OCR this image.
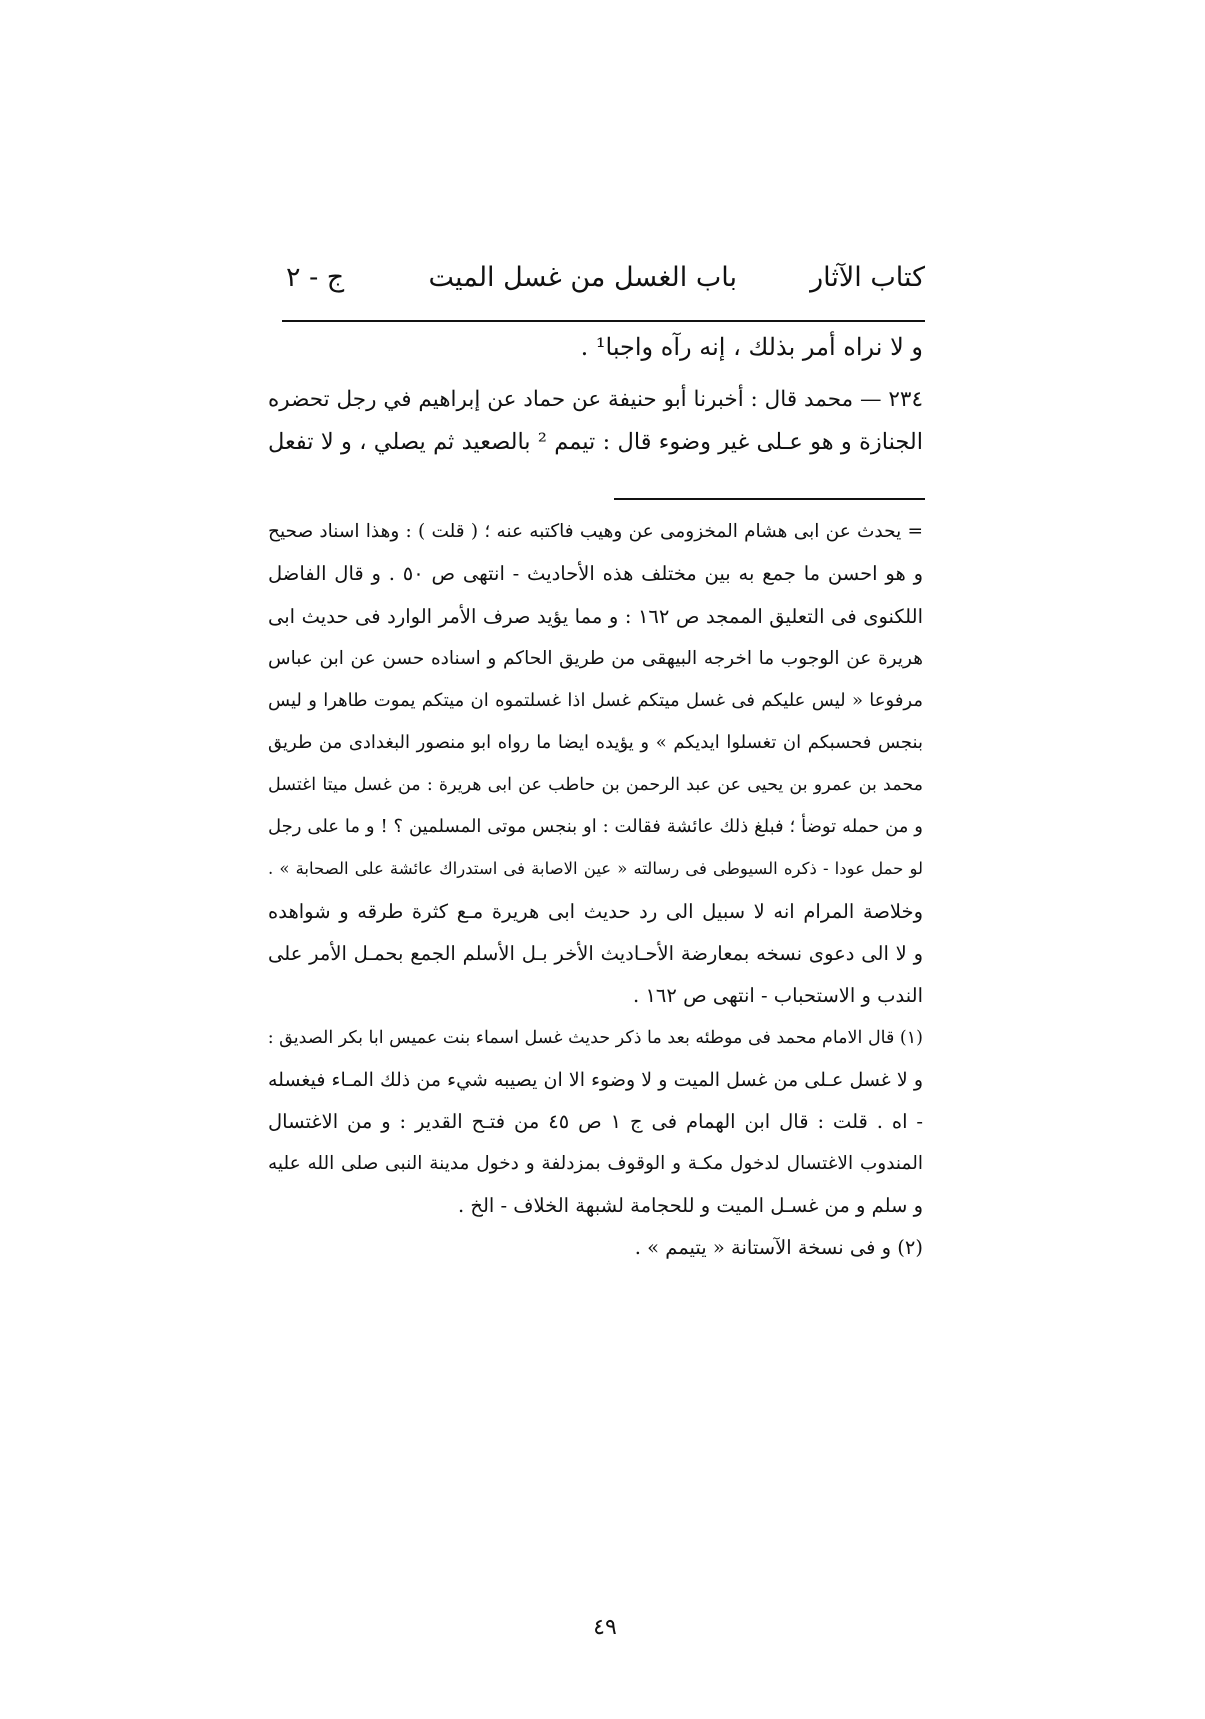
كتاب الآثار
باب الغسل من غسل الميت
ج - ٢
و لا نراه أمر بذلك ، إنه رآه واجبا¹ .
٢٣٤ — محمد قال : أخبرنا أبو حنيفة عن حماد عن إبراهيم في رجل تحضره
الجنازة و هو عـلى غير وضوء قال : تيمم ² بالصعيد ثم يصلي ، و لا تفعل
= يحدث عن ابى هشام المخزومى عن وهيب فاكتبه عنه ؛ ( قلت ) : وهذا اسناد صحيح
و هو احسن ما جمع به بين مختلف هذه الأحاديث - انتهى ص ٥٠ . و قال الفاضل
اللكنوى فى التعليق الممجد ص ١٦٢ : و مما يؤيد صرف الأمر الوارد فى حديث ابى
هريرة عن الوجوب ما اخرجه البيهقى من طريق الحاكم و اسناده حسن عن ابن عباس
مرفوعا « ليس عليكم فى غسل ميتكم غسل اذا غسلتموه ان ميتكم يموت طاهرا و ليس
بنجس فحسبكم ان تغسلوا ايديكم » و يؤيده ايضا ما رواه ابو منصور البغدادى من طريق
محمد بن عمرو بن يحيى عن عبد الرحمن بن حاطب عن ابى هريرة : من غسل ميتا اغتسل
و من حمله توضأ ؛ فبلغ ذلك عائشة فقالت : او بنجس موتى المسلمين ؟ ! و ما على رجل
لو حمل عودا - ذكره السيوطى فى رسالته « عين الاصابة فى استدراك عائشة على الصحابة » .
وخلاصة المرام انه لا سبيل الى رد حديث ابى هريرة مـع كثرة طرقه و شواهده
و لا الى دعوى نسخه بمعارضة الأحـاديث الأخر بـل الأسلم الجمع بحمـل الأمر على
الندب و الاستحباب - انتهى ص ١٦٢ .
(١) قال الامام محمد فى موطئه بعد ما ذكر حديث غسل اسماء بنت عميس ابا بكر الصديق :
و لا غسل عـلى من غسل الميت و لا وضوء الا ان يصيبه شيء من ذلك المـاء فيغسله
- اه . قلت : قال ابن الهمام فى ج ١ ص ٤٥ من فتـح القدير : و من الاغتسال
المندوب الاغتسال لدخول مكـة و الوقوف بمزدلفة و دخول مدينة النبى صلى الله عليه
و سلم و من غسـل الميت و للحجامة لشبهة الخلاف - الخ .
(٢) و فى نسخة الآستانة « يتيمم » .
٤٩
